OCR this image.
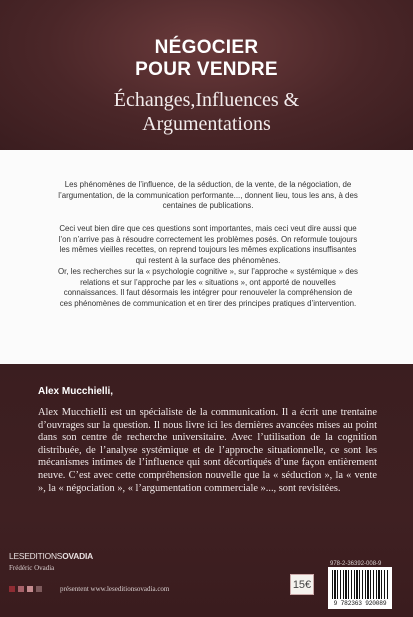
NÉGOCIER
POUR VENDRE
Échanges,Influences &
Argumentations

Les phénomènes de l’influence, de la séduction, de la vente, de la négociation, de l’argumentation, de la communication performante..., donnent lieu, tous les ans, à des centaines de publications.

Ceci veut bien dire que ces questions sont importantes, mais ceci veut dire aussi que l’on n’arrive pas à résoudre correctement les problèmes posés. On reformule toujours les mêmes vieilles recettes, on reprend toujours les mêmes explications insuffisantes qui restent à la surface des phénomènes.

Or, les recherches sur la « psychologie cognitive », sur l’approche « systémique » des relations et sur l’approche par les « situations », ont apporté de nouvelles connaissances. Il faut désormais les intégrer pour renouveler la compréhension de ces phénomènes de communication et en tirer des principes pratiques d’intervention.

Alex Mucchielli,

Alex Mucchielli est un spécialiste de la communication. Il a écrit une trentaine d’ouvrages sur la question. Il nous livre ici les dernières avancées mises au point dans son centre de recherche universitaire. Avec l’utilisation de la cognition distribuée, de l’analyse systémique et de l’approche situationnelle, ce sont les mécanismes intimes de l’influence qui sont décortiqués d’une façon entièrement neuve. C’est avec cette compréhension nouvelle que la « séduction », la « vente », la « négociation », « l’argumentation commerciale »..., sont revisitées.

LESEDITIONSOVADIA
Frédéric Ovadia
présentent www.leseditionsovadia.com	15€
978-2-36392-008-9
9 782363 920089
